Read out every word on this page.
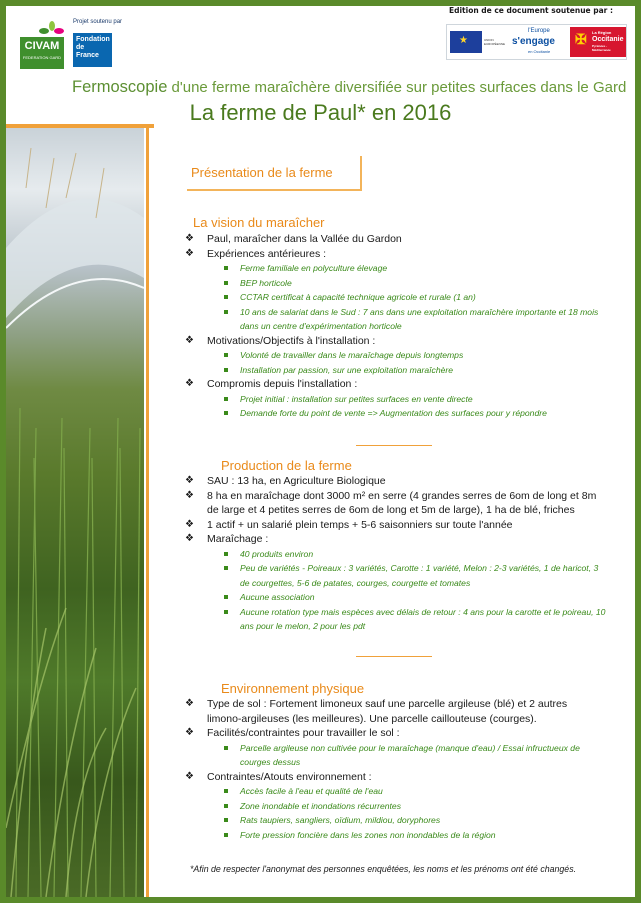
Edition de ce document soutenue par :
CIVAM
FEDERATION GARD
Projet soutenu par
Fondation de France
★	UNION EUROPÉENNE
l'Europe
s'engage
en Occitanie
✠ La Région
Occitanie
Pyrénées - Méditerranée
Fermoscopie d'une ferme maraîchère diversifiée sur petites surfaces dans le Gard
La ferme de Paul* en 2016
Présentation de la ferme
La vision du maraîcher
❖ Paul, maraîcher dans la Vallée du Gardon
❖ Expériences antérieures :
Ferme familiale en polyculture élevage
BEP horticole
CCTAR certificat à capacité technique agricole et rurale (1 an)
10 ans de salariat dans le Sud : 7 ans dans une exploitation maraîchère importante et 18 mois dans un centre d'expérimentation horticole
❖ Motivations/Objectifs à l'installation :
Volonté de travailler dans le maraîchage depuis longtemps
Installation par passion, sur une exploitation maraîchère
❖ Compromis depuis l'installation :
Projet initial : installation sur petites surfaces en vente directe
Demande forte du point de vente => Augmentation des surfaces pour y répondre
Production de la ferme
❖ SAU : 13 ha, en Agriculture Biologique
❖ 8 ha en maraîchage dont 3000 m² en serre (4 grandes serres de 6om de long et 8m de large et 4 petites serres de 6om de long et 5m de large), 1 ha de blé, friches
❖ 1 actif + un salarié plein temps + 5-6 saisonniers sur toute l'année
❖ Maraîchage :
40 produits environ
Peu de variétés - Poireaux : 3 variétés, Carotte : 1 variété, Melon : 2-3 variétés, 1 de haricot, 3 de courgettes, 5-6 de patates, courges, courgette et tomates
Aucune association
Aucune rotation type mais espèces avec délais de retour : 4 ans pour la carotte et le poireau, 10 ans pour le melon, 2 pour les pdt
Environnement physique
❖ Type de sol : Fortement limoneux sauf une parcelle argileuse (blé) et 2 autres limono-argileuses (les meilleures). Une parcelle caillouteuse (courges).
❖ Facilités/contraintes pour travailler le sol :
Parcelle argileuse non cultivée pour le maraîchage (manque d'eau) / Essai infructueux de courges dessus
❖ Contraintes/Atouts environnement :
Accès facile à l'eau et qualité de l'eau
Zone inondable et inondations récurrentes
Rats taupiers, sangliers, oïdium, mildiou, doryphores
Forte pression foncière dans les zones non inondables de la région
*Afin de respecter l'anonymat des personnes enquêtées, les noms et les prénoms ont été changés.
